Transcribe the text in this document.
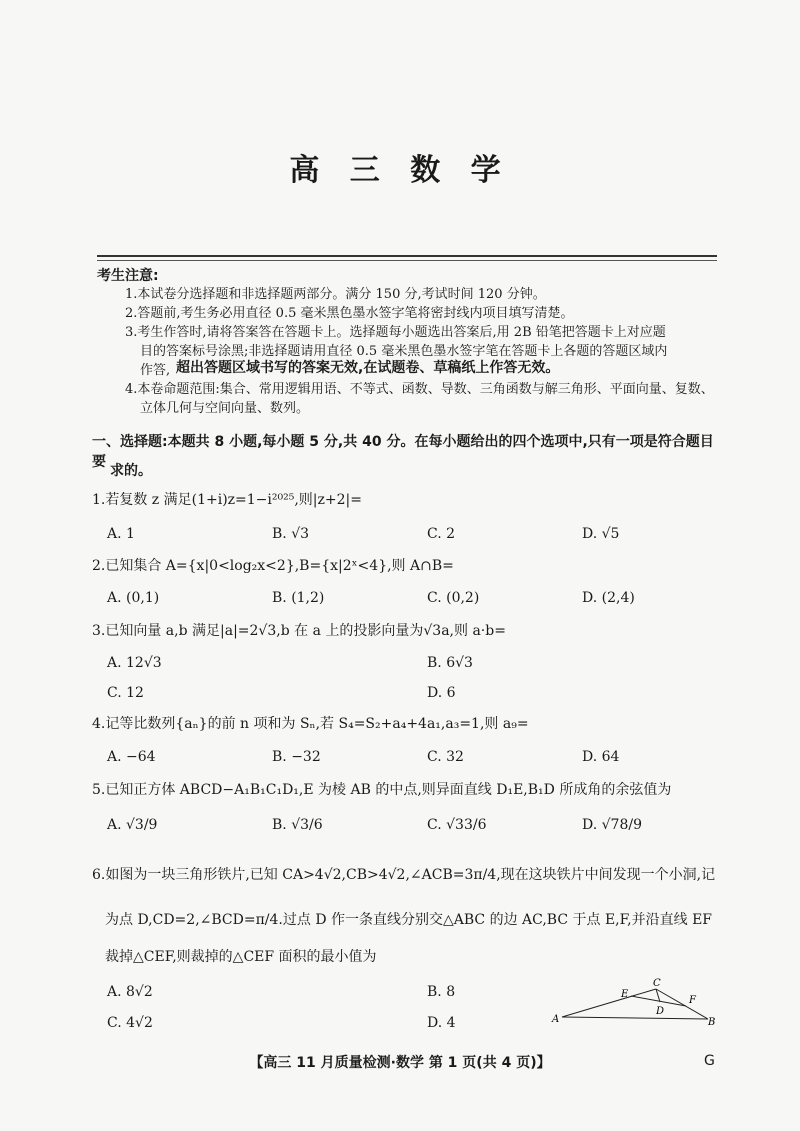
高 三 数 学
考生注意:
1.本试卷分选择题和非选择题两部分。满分 150 分,考试时间 120 分钟。
2.答题前,考生务必用直径 0.5 毫米黑色墨水签字笔将密封线内项目填写清楚。
3.考生作答时,请将答案答在答题卡上。选择题每小题选出答案后,用 2B 铅笔把答题卡上对应题
目的答案标号涂黑;非选择题请用直径 0.5 毫米黑色墨水签字笔在答题卡上各题的答题区域内
作答, 超出答题区域书写的答案无效,在试题卷、草稿纸上作答无效。
4.本卷命题范围:集合、常用逻辑用语、不等式、函数、导数、三角函数与解三角形、平面向量、复数、
立体几何与空间向量、数列。
一、选择题:本题共 8 小题,每小题 5 分,共 40 分。在每小题给出的四个选项中,只有一项是符合题目要
求的。
1.若复数 z 满足(1+i)z=1−i²⁰²⁵,则|z+2|=
A. 1	B. √3	C. 2	D. √5
2.已知集合 A={x|0<log₂x<2},B={x|2ˣ<4},则 A∩B=
A. (0,1)	B. (1,2)	C. (0,2)	D. (2,4)
3.已知向量 a,b 满足|a|=2√3,b 在 a 上的投影向量为√3a,则 a·b=
A. 12√3	B. 6√3
C. 12	D. 6
4.记等比数列{aₙ}的前 n 项和为 Sₙ,若 S₄=S₂+a₄+4a₁,a₃=1,则 a₉=
A. −64	B. −32	C. 32	D. 64
5.已知正方体 ABCD−A₁B₁C₁D₁,E 为棱 AB 的中点,则异面直线 D₁E,B₁D 所成角的余弦值为
A. √3/9	B. √3/6	C. √33/6	D. √78/9
6.如图为一块三角形铁片,已知 CA>4√2,CB>4√2,∠ACB=3π/4,现在这块铁片中间发现一个小洞,记
为点 D,CD=2,∠BCD=π/4.过点 D 作一条直线分别交△ABC 的边 AC,BC 于点 E,F,并沿直线 EF
裁掉△CEF,则裁掉的△CEF 面积的最小值为
A. 8√2	B. 8
C. 4√2	D. 4	A	B
C
D
E
F
【高三 11 月质量检测·数学 第 1 页(共 4 页)】	G
